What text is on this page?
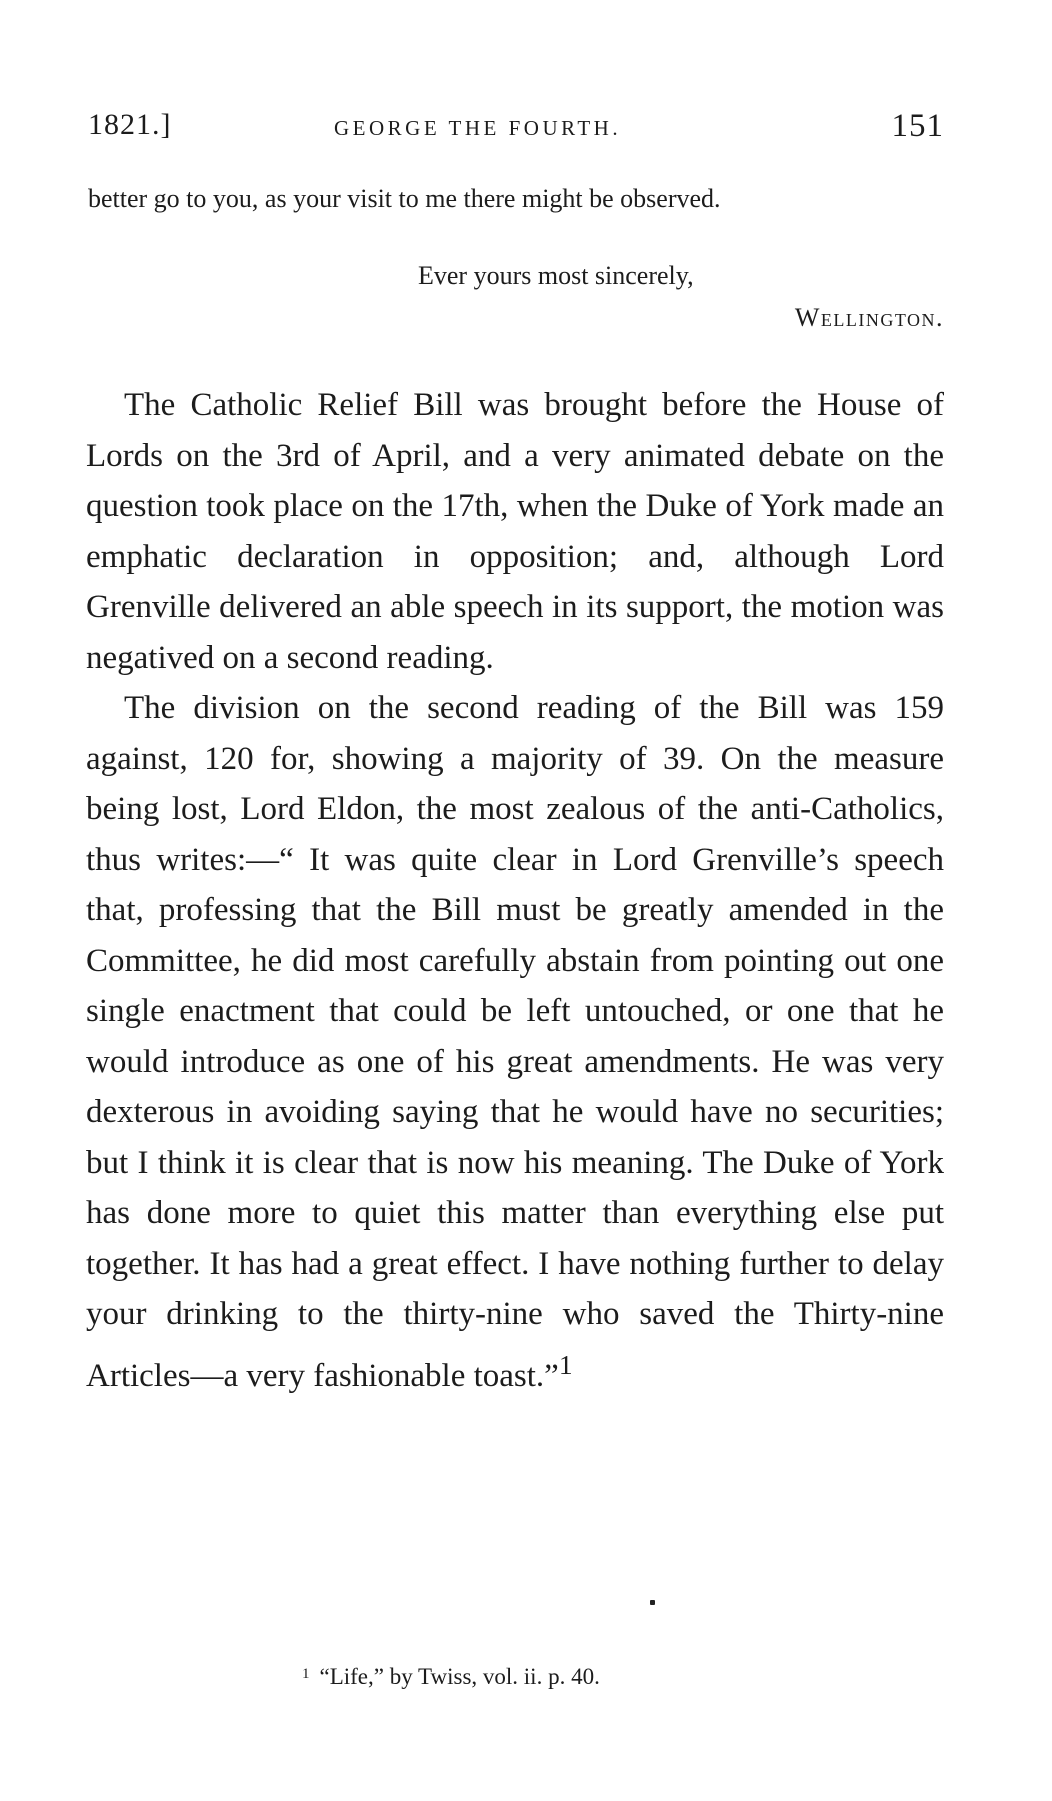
1821.]	GEORGE THE FOURTH.	151
better go to you, as your visit to me there might be observed.
Ever yours most sincerely,
Wellington.

The Catholic Relief Bill was brought before the House of Lords on the 3rd of April, and a very animated debate on the question took place on the 17th, when the Duke of York made an emphatic declaration in opposition; and, although Lord Grenville delivered an able speech in its support, the motion was negatived on a second reading.

The division on the second reading of the Bill was 159 against, 120 for, showing a majority of 39. On the measure being lost, Lord Eldon, the most zealous of the anti-Catholics, thus writes:—“ It was quite clear in Lord Grenville’s speech that, professing that the Bill must be greatly amended in the Committee, he did most carefully abstain from pointing out one single enactment that could be left untouched, or one that he would introduce as one of his great amendments. He was very dexterous in avoiding saying that he would have no securities; but I think it is clear that is now his meaning. The Duke of York has done more to quiet this matter than everything else put together. It has had a great effect. I have nothing further to delay your drinking to the thirty-nine who saved the Thirty-nine Articles—a very fashionable toast.”$^1$

$^1$ “Life,” by Twiss, vol. ii. p. 40.
